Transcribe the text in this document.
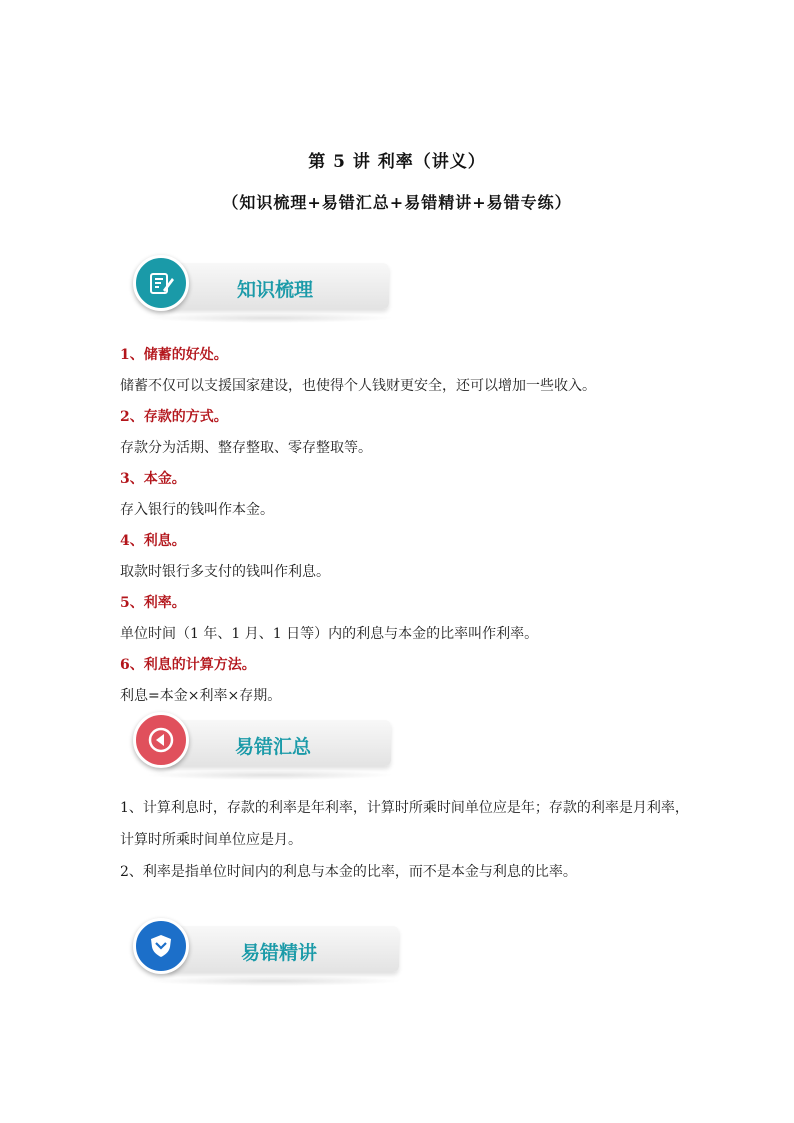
第 5 讲 利率（讲义）
（知识梳理+易错汇总+易错精讲+易错专练）
知识梳理
1、储蓄的好处。
储蓄不仅可以支援国家建设，也使得个人钱财更安全，还可以增加一些收入。
2、存款的方式。
存款分为活期、整存整取、零存整取等。
3、本金。
存入银行的钱叫作本金。
4、利息。
取款时银行多支付的钱叫作利息。
5、利率。
单位时间（1 年、1 月、1 日等）内的利息与本金的比率叫作利率。
6、利息的计算方法。
利息=本金×利率×存期。
易错汇总
1、计算利息时，存款的利率是年利率，计算时所乘时间单位应是年；存款的利率是月利率，计算时所乘时间单位应是月。
2、利率是指单位时间内的利息与本金的比率，而不是本金与利息的比率。
易错精讲
